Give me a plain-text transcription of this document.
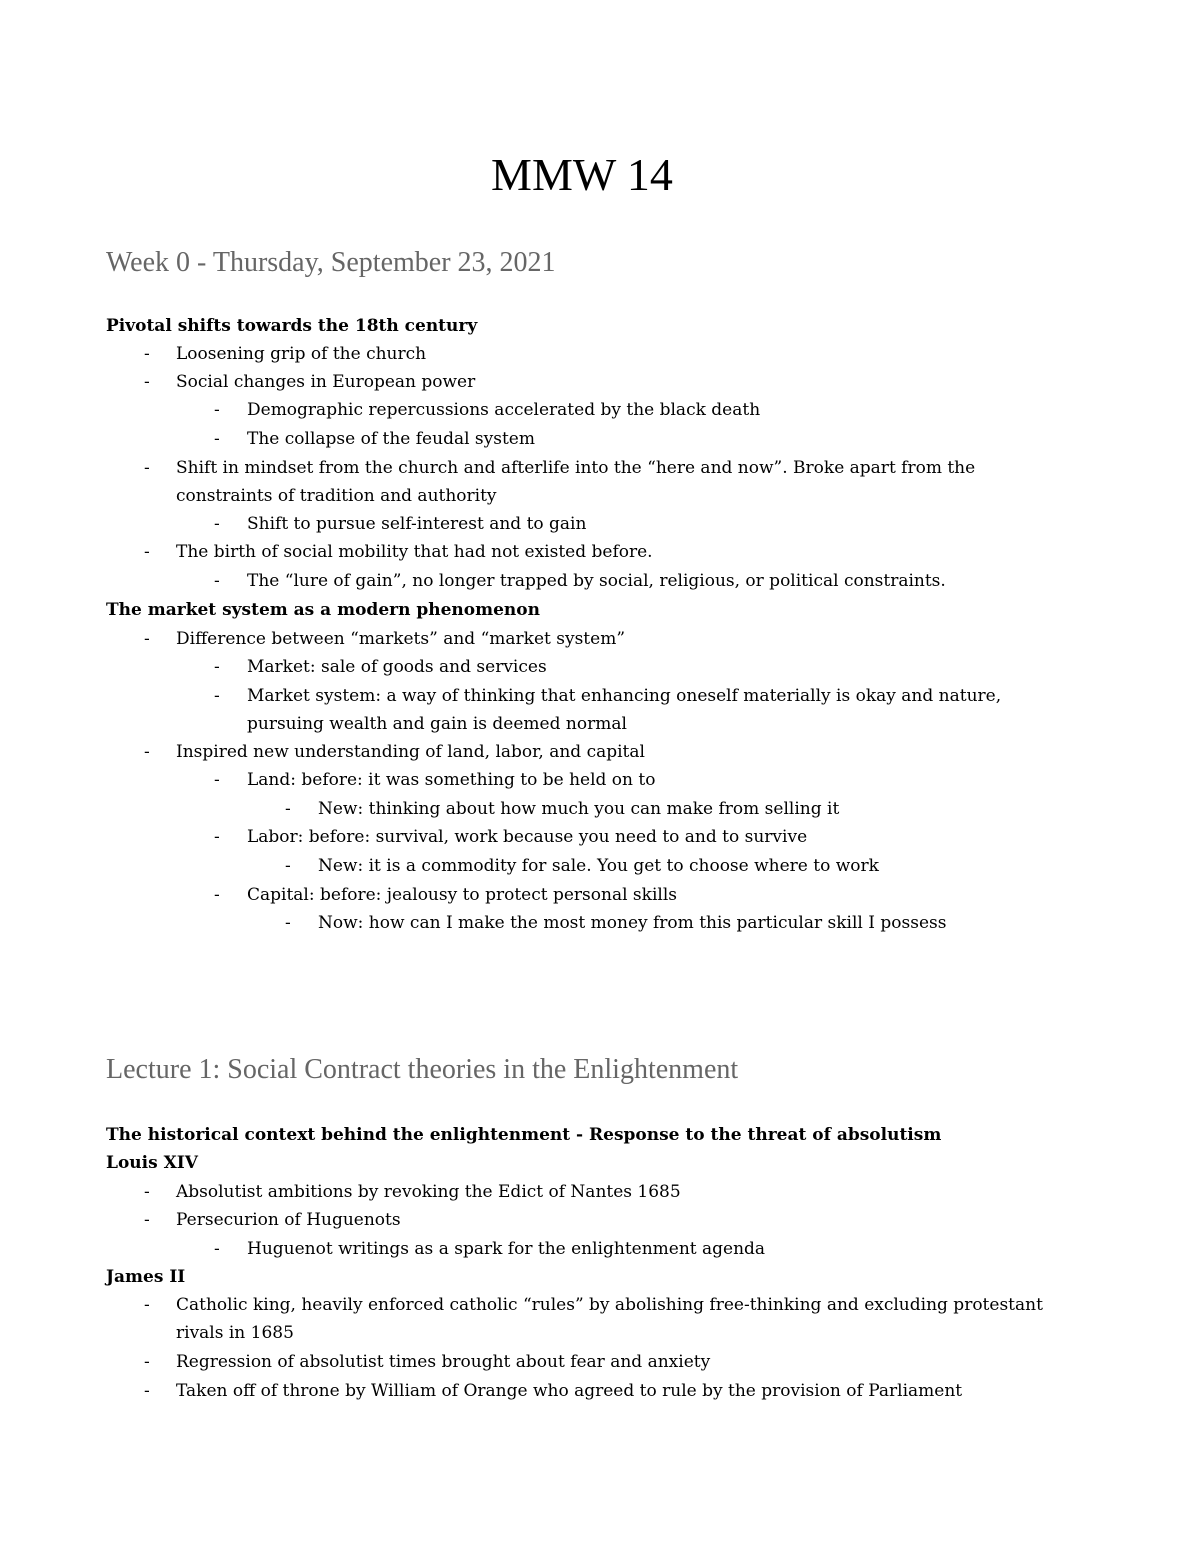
MMW 14
Week 0 - Thursday, September 23, 2021
Pivotal shifts towards the 18th century
- Loosening grip of the church
- Social changes in European power
- Demographic repercussions accelerated by the black death
- The collapse of the feudal system
- Shift in mindset from the church and afterlife into the “here and now”. Broke apart from the
constraints of tradition and authority
- Shift to pursue self-interest and to gain
- The birth of social mobility that had not existed before.
- The “lure of gain”, no longer trapped by social, religious, or political constraints.
The market system as a modern phenomenon
- Difference between “markets” and “market system”
- Market: sale of goods and services
- Market system: a way of thinking that enhancing oneself materially is okay and nature,
pursuing wealth and gain is deemed normal
- Inspired new understanding of land, labor, and capital
- Land: before: it was something to be held on to
- New: thinking about how much you can make from selling it
- Labor: before: survival, work because you need to and to survive
- New: it is a commodity for sale. You get to choose where to work
- Capital: before: jealousy to protect personal skills
- Now: how can I make the most money from this particular skill I possess
Lecture 1: Social Contract theories in the Enlightenment
The historical context behind the enlightenment - Response to the threat of absolutism
Louis XIV
- Absolutist ambitions by revoking the Edict of Nantes 1685
- Persecurion of Huguenots
- Huguenot writings as a spark for the enlightenment agenda
James II
- Catholic king, heavily enforced catholic “rules” by abolishing free-thinking and excluding protestant
rivals in 1685
- Regression of absolutist times brought about fear and anxiety
- Taken off of throne by William of Orange who agreed to rule by the provision of Parliament
